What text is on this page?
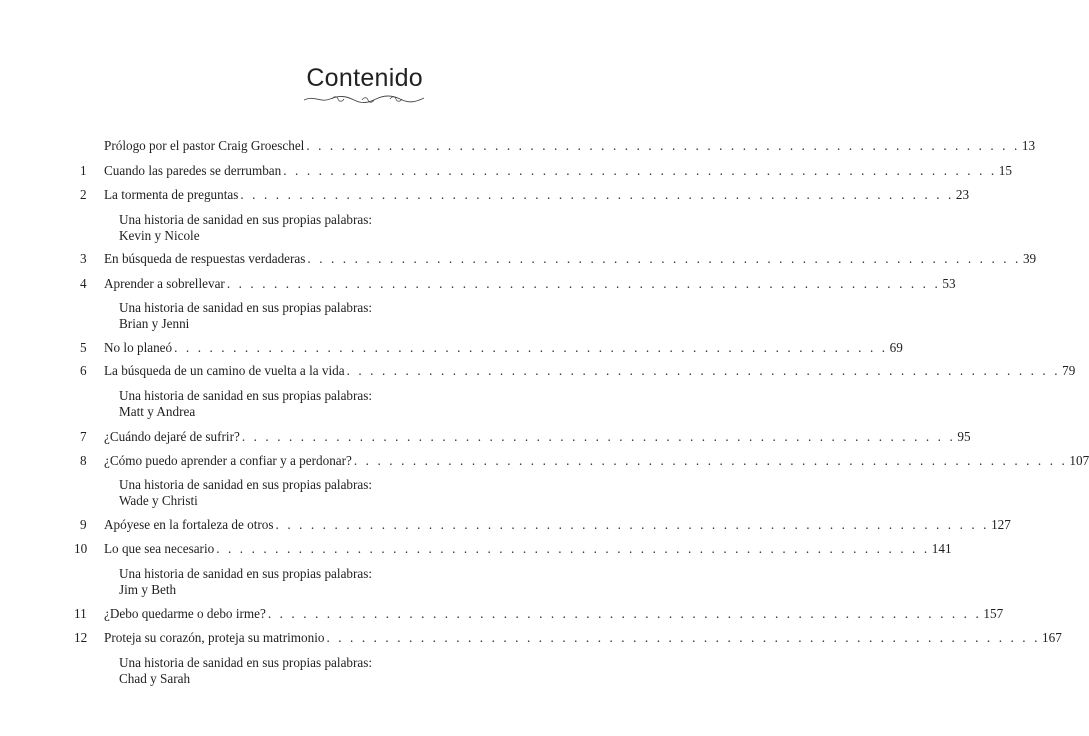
Contenido
Prólogo por el pastor Craig Groeschel . . . . . . . . . . . . . . . . . . . . . . . . . . . . . . . . . . . . . . . . . . . . . . . . . . . . . . . . . . . . . 13
1	Cuando las paredes se derrumban . . . . . . . . . . . . . . . . . . . . . . . . . . . . . . . . . . . . . . . . . . . . . . . . . . . . . . . . . . . . . 15
2	La tormenta de preguntas . . . . . . . . . . . . . . . . . . . . . . . . . . . . . . . . . . . . . . . . . . . . . . . . . . . . . . . . . . . . . 23
Una historia de sanidad en sus propias palabras:
Kevin y Nicole
3	En búsqueda de respuestas verdaderas . . . . . . . . . . . . . . . . . . . . . . . . . . . . . . . . . . . . . . . . . . . . . . . . . . . . . . . . . . . . . 39
4	Aprender a sobrellevar . . . . . . . . . . . . . . . . . . . . . . . . . . . . . . . . . . . . . . . . . . . . . . . . . . . . . . . . . . . . . 53
Una historia de sanidad en sus propias palabras:
Brian y Jenni
5	No lo planeó . . . . . . . . . . . . . . . . . . . . . . . . . . . . . . . . . . . . . . . . . . . . . . . . . . . . . . . . . . . . . 69
6	La búsqueda de un camino de vuelta a la vida . . . . . . . . . . . . . . . . . . . . . . . . . . . . . . . . . . . . . . . . . . . . . . . . . . . . . . . . . . . . . 79
Una historia de sanidad en sus propias palabras:
Matt y Andrea
7	¿Cuándo dejaré de sufrir? . . . . . . . . . . . . . . . . . . . . . . . . . . . . . . . . . . . . . . . . . . . . . . . . . . . . . . . . . . . . . 95
8	¿Cómo puedo aprender a confiar y a perdonar? . . . . . . . . . . . . . . . . . . . . . . . . . . . . . . . . . . . . . . . . . . . . . . . . . . . . . . . . . . . . . 107
Una historia de sanidad en sus propias palabras:
Wade y Christi
9	Apóyese en la fortaleza de otros . . . . . . . . . . . . . . . . . . . . . . . . . . . . . . . . . . . . . . . . . . . . . . . . . . . . . . . . . . . . . 127
10	Lo que sea necesario . . . . . . . . . . . . . . . . . . . . . . . . . . . . . . . . . . . . . . . . . . . . . . . . . . . . . . . . . . . . . 141
Una historia de sanidad en sus propias palabras:
Jim y Beth
11	¿Debo quedarme o debo irme? . . . . . . . . . . . . . . . . . . . . . . . . . . . . . . . . . . . . . . . . . . . . . . . . . . . . . . . . . . . . . 157
12	Proteja su corazón, proteja su matrimonio . . . . . . . . . . . . . . . . . . . . . . . . . . . . . . . . . . . . . . . . . . . . . . . . . . . . . . . . . . . . . 167
Una historia de sanidad en sus propias palabras:
Chad y Sarah
